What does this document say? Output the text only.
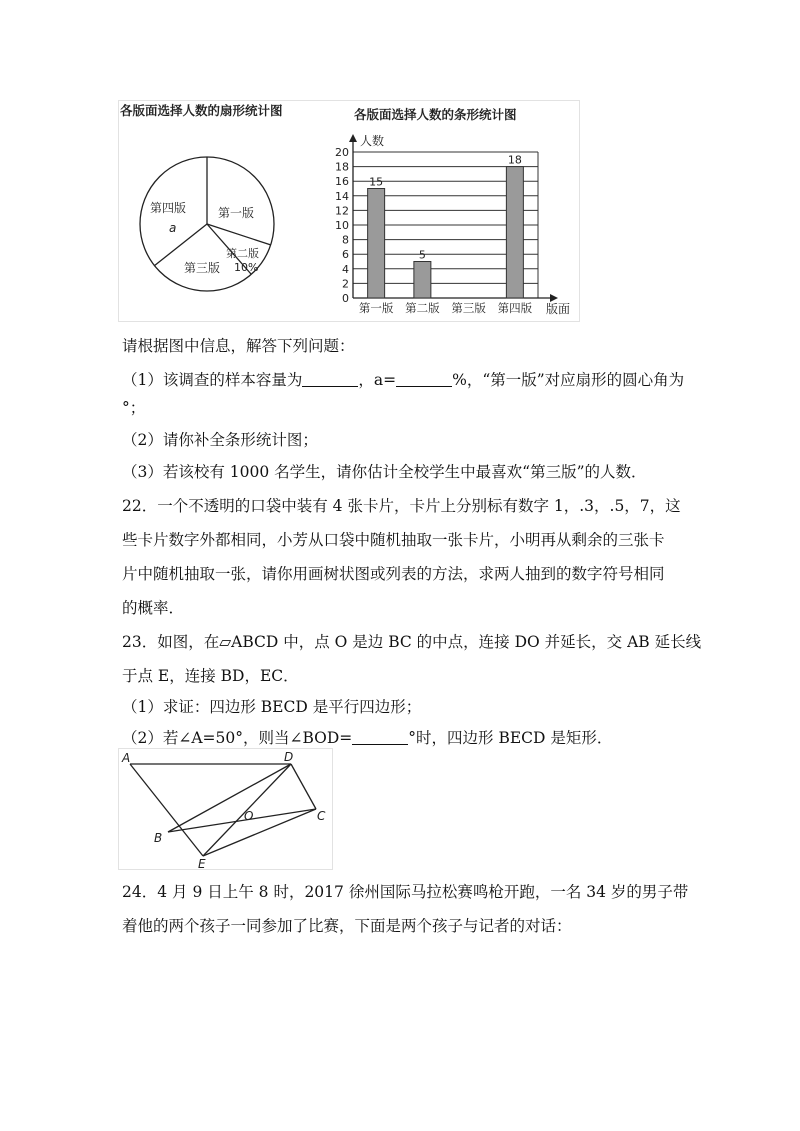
各版面选择人数的扇形统计图
第四版
a
第一版
第二版
10%
第三版
各版面选择人数的条形统计图
人数
版面
0
2
4
6
8
10
12
14
16
18
20
15
第一版
5
第二版 第三版
18
第四版
请根据图中信息，解答下列问题：
（1）该调查的样本容量为	，a=	%，“第一版”对应扇形的圆心角为
°；
（2）请你补全条形统计图；
（3）若该校有 1000 名学生，请你估计全校学生中最喜欢“第三版”的人数．
22．一个不透明的口袋中装有 4 张卡片，卡片上分别标有数字 1，.3，.5，7，这
些卡片数字外都相同，小芳从口袋中随机抽取一张卡片，小明再从剩余的三张卡
片中随机抽取一张，请你用画树状图或列表的方法，求两人抽到的数字符号相同
的概率．
23．如图，在▱ABCD 中，点 O 是边 BC 的中点，连接 DO 并延长，交 AB 延长线
于点 E，连接 BD，EC．
（1）求证：四边形 BECD 是平行四边形；
（2）若∠A=50°，则当∠BOD=	°时，四边形 BECD 是矩形．
A	D
B
O	C
E
24．4 月 9 日上午 8 时，2017 徐州国际马拉松赛鸣枪开跑，一名 34 岁的男子带
着他的两个孩子一同参加了比赛，下面是两个孩子与记者的对话：
